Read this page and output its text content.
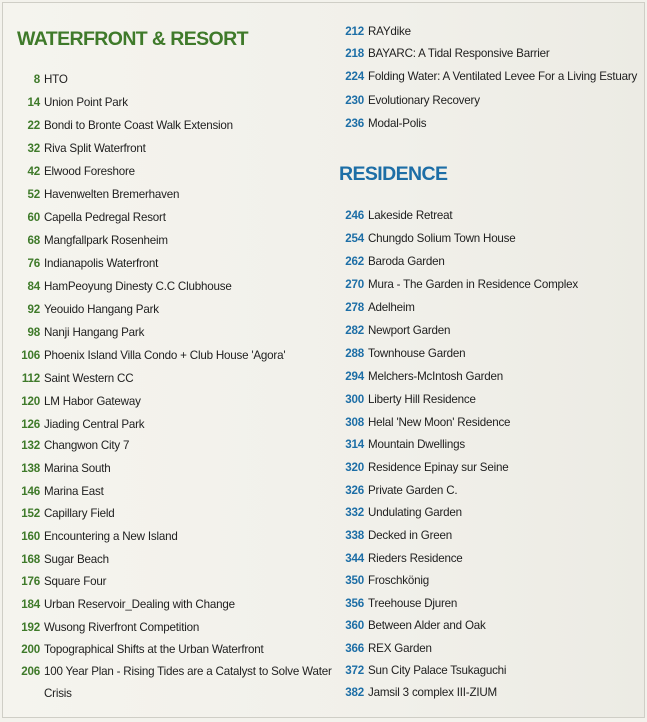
WATERFRONT & RESORT
8 HTO
14 Union Point Park
22 Bondi to Bronte Coast Walk Extension
32 Riva Split Waterfront
42 Elwood Foreshore
52 Havenwelten Bremerhaven
60 Capella Pedregal Resort
68 Mangfallpark Rosenheim
76 Indianapolis Waterfront
84 HamPeoyung Dinesty C.C Clubhouse
92 Yeouido Hangang Park
98 Nanji Hangang Park
106 Phoenix Island Villa Condo + Club House 'Agora'
112 Saint Western CC
120 LM Habor Gateway
126 Jiading Central Park
132 Changwon City 7
138 Marina South
146 Marina East
152 Capillary Field
160 Encountering a New Island
168 Sugar Beach
176 Square Four
184 Urban Reservoir_Dealing with Change
192 Wusong Riverfront Competition
200 Topographical Shifts at the Urban Waterfront
206 100 Year Plan - Rising Tides are a Catalyst to Solve Water
Crisis
212 RAYdike
218 BAYARC: A Tidal Responsive Barrier
224 Folding Water: A Ventilated Levee For a Living Estuary
230 Evolutionary Recovery
236 Modal-Polis
RESIDENCE
246 Lakeside Retreat
254 Chungdo Solium Town House
262 Baroda Garden
270 Mura - The Garden in Residence Complex
278 Adelheim
282 Newport Garden
288 Townhouse Garden
294 Melchers-McIntosh Garden
300 Liberty Hill Residence
308 Helal 'New Moon' Residence
314 Mountain Dwellings
320 Residence Epinay sur Seine
326 Private Garden C.
332 Undulating Garden
338 Decked in Green
344 Rieders Residence
350 Froschkönig
356 Treehouse Djuren
360 Between Alder and Oak
366 REX Garden
372 Sun City Palace Tsukaguchi
382 Jamsil 3 complex III-ZIUM
